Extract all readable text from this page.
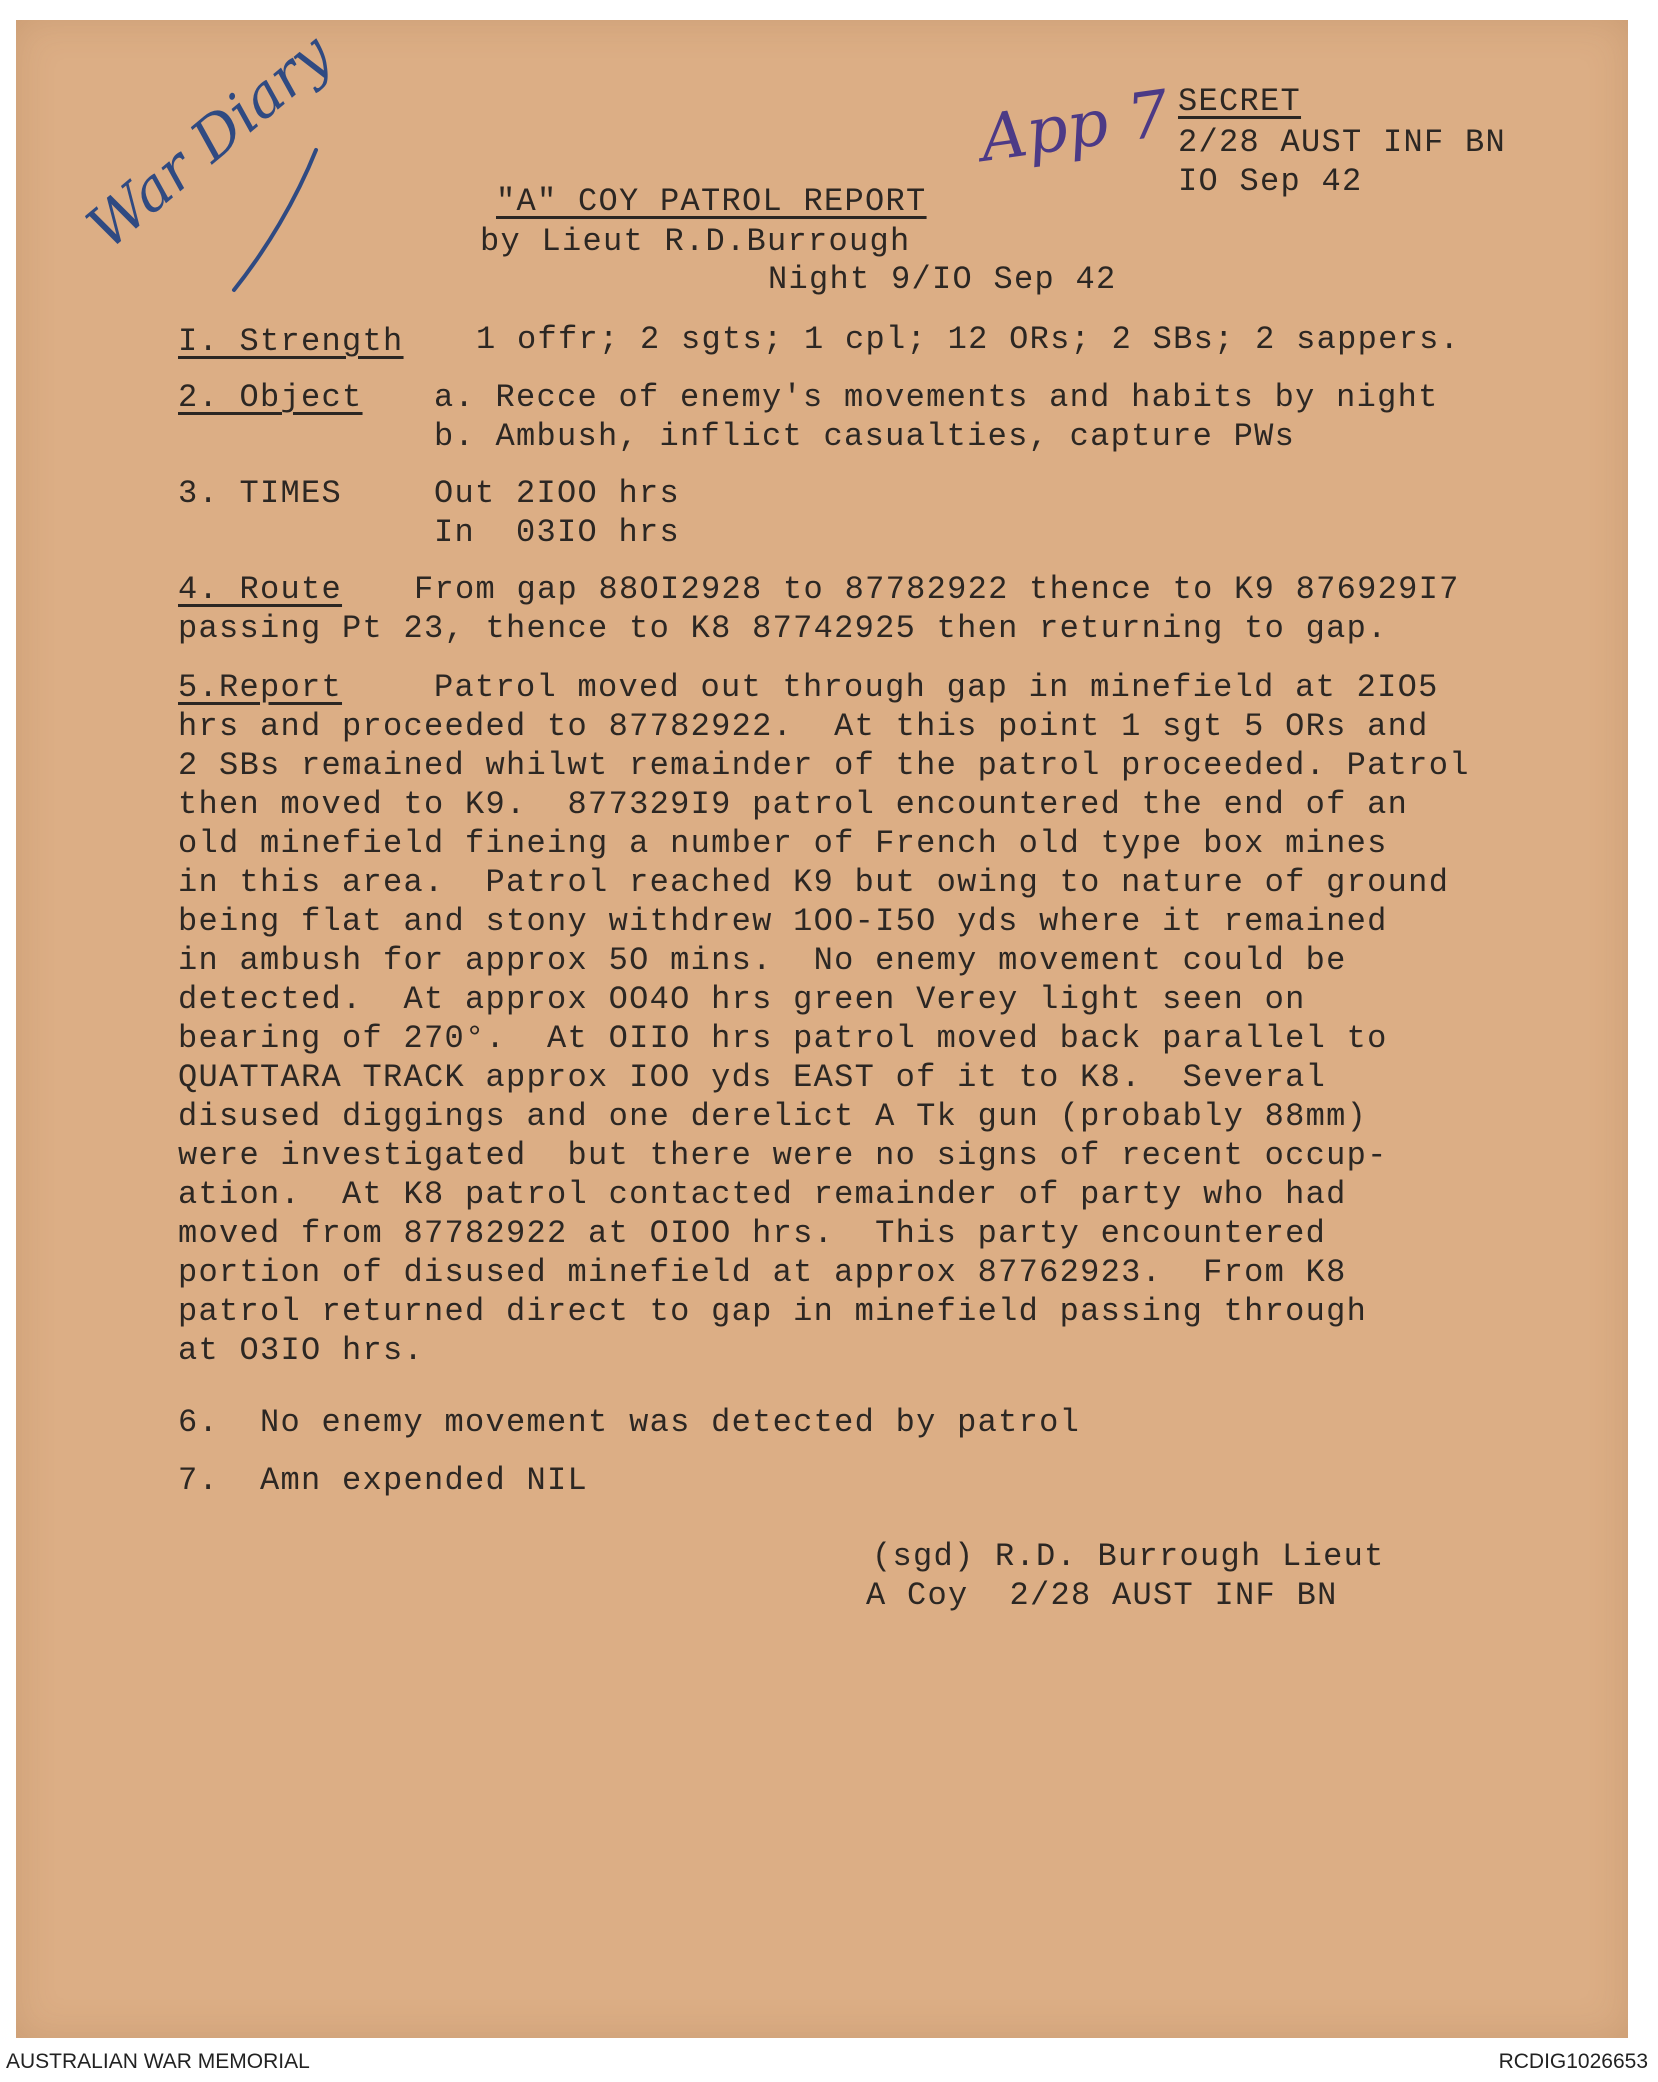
War Diary	App 7 SECRET
2/28 AUST INF BN
IO Sep 42
"A" COY PATROL REPORT
by Lieut R.D.Burrough
Night 9/IO Sep 42
I. Strength 1 offr; 2 sgts; 1 cpl; 12 ORs; 2 SBs; 2 sappers.
2. Object a. Recce of enemy's movements and habits by night
b. Ambush, inflict casualties, capture PWs
3. TIMES	Out 2IOO hrs
In  03IO hrs
4. Route From gap 88OI2928 to 87782922 thence to K9 876929I7
passing Pt 23, thence to K8 87742925 then returning to gap.
5.Report	Patrol moved out through gap in minefield at 2IO5
hrs and proceeded to 87782922.  At this point 1 sgt 5 ORs and
2 SBs remained whilwt remainder of the patrol proceeded. Patrol
then moved to K9.  877329I9 patrol encountered the end of an
old minefield fineing a number of French old type box mines
in this area.  Patrol reached K9 but owing to nature of ground
being flat and stony withdrew 1OO-I5O yds where it remained
in ambush for approx 5O mins.  No enemy movement could be
detected.  At approx OO4O hrs green Verey light seen on
bearing of 270°.  At OIIO hrs patrol moved back parallel to
QUATTARA TRACK approx IOO yds EAST of it to K8.  Several
disused diggings and one derelict A Tk gun (probably 88mm)
were investigated  but there were no signs of recent occup-
ation.  At K8 patrol contacted remainder of party who had
moved from 87782922 at OIOO hrs.  This party encountered
portion of disused minefield at approx 87762923.  From K8
patrol returned direct to gap in minefield passing through
at O3IO hrs.
6.  No enemy movement was detected by patrol
7.  Amn expended NIL
(sgd) R.D. Burrough Lieut
A Coy  2/28 AUST INF BN
AUSTRALIAN WAR MEMORIAL	RCDIG1026653
